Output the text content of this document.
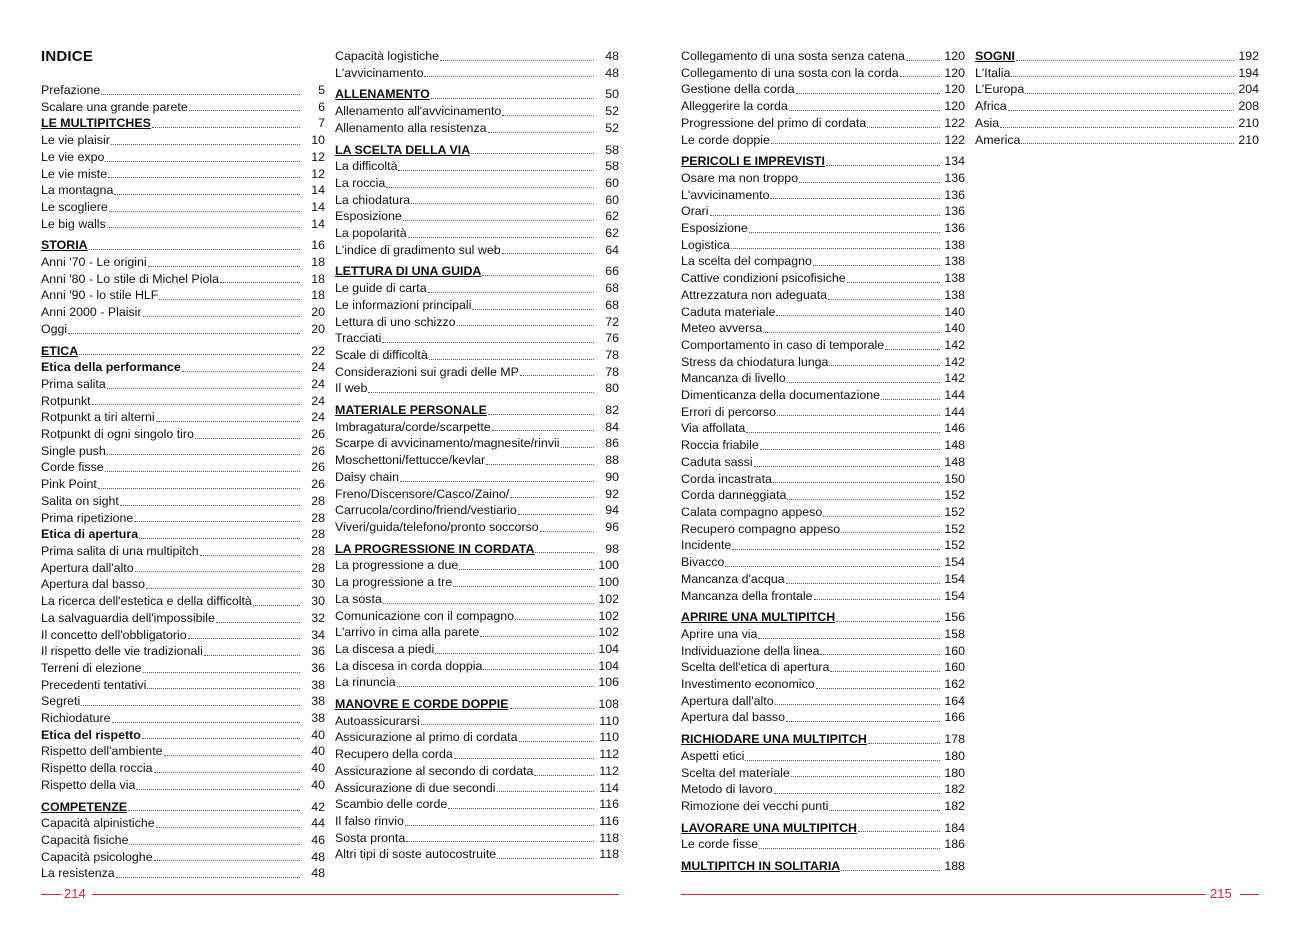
INDICE
Prefazione	5
Scalare una grande parete	6
LE MULTIPITCHES	7
Le vie plaisir	10
Le vie expo	12
Le vie miste	12
La montagna	14
Le scogliere	14
Le big walls	14
STORIA	16
Anni '70 - Le origini	18
Anni '80 - Lo stile di Michel Piola	18
Anni '90 - lo stile HLF	18
Anni 2000 - Plaisir	20
Oggi	20
ETICA	22
Etica della performance	24
Prima salita	24
Rotpunkt	24
Rotpunkt a tiri alterni	24
Rotpunkt di ogni singolo tiro	26
Single push	26
Corde fisse	26
Pink Point	26
Salita on sight	28
Prima ripetizione	28
Etica di apertura	28
Prima salita di una multipitch	28
Apertura dall'alto	28
Apertura dal basso	30
La ricerca dell'estetica e della difficoltà	30
La salvaguardia dell'impossibile	32
Il concetto dell'obbligatorio	34
Il rispetto delle vie tradizionali	36
Terreni di elezione	36
Precedenti tentativi	38
Segreti	38
Richiodature	38
Etica del rispetto	40
Rispetto dell'ambiente	40
Rispetto della roccia	40
Rispetto della via	40
COMPETENZE	42
Capacità alpinistiche	44
Capacità fisiche	46
Capacità psicologhe	48
La resistenza	48
Capacità logistiche	48
L'avvicinamento	48
ALLENAMENTO	50
Allenamento all'avvicinamento	52
Allenamento alla resistenza	52
LA SCELTA DELLA VIA	58
La difficoltà	58
La roccia	60
La chiodatura	60
Esposizione	62
La popolarità	62
L'indice di gradimento sul web	64
LETTURA DI UNA GUIDA	66
Le guide di carta	68
Le informazioni principali	68
Lettura di uno schizzo	72
Tracciati	76
Scale di difficoltà	78
Considerazioni sui gradi delle MP	78
Il web	80
MATERIALE PERSONALE	82
Imbragatura/corde/scarpette	84
Scarpe di avvicinamento/magnesite/rinvii	86
Moschettoni/fettucce/kevlar	88
Daisy chain	90
Freno/Discensore/Casco/Zaino/	92
Carrucola/cordino/friend/vestiario	94
Viveri/guida/telefono/pronto soccorso	96
LA PROGRESSIONE IN CORDATA	98
La progressione a due	100
La progressione a tre	100
La sosta	102
Comunicazione con il compagno	102
L'arrivo in cima alla parete	102
La discesa a piedi	104
La discesa in corda doppia	104
La rinuncia	106
MANOVRE E CORDE DOPPIE	108
Autoassicurarsi	110
Assicurazione al primo di cordata	110
Recupero della corda	112
Assicurazione al secondo di cordata	112
Assicurazione di due secondi	114
Scambio delle corde	116
Il falso rinvio	116
Sosta pronta	118
Altri tipi di soste autocostruite	118
Collegamento di una sosta senza catena	120
Collegamento di una sosta con la corda	120
Gestione della corda	120
Alleggerire la corda	120
Progressione del primo di cordata	122
Le corde doppie	122
PERICOLI E IMPREVISTI	134
Osare ma non troppo	136
L'avvicinamento	136
Orari	136
Esposizione	136
Logistica	138
La scelta del compagno	138
Cattive condizioni psicofisiche	138
Attrezzatura non adeguata	138
Caduta materiale	140
Meteo avversa	140
Comportamento in caso di temporale	142
Stress da chiodatura lunga	142
Mancanza di livello	142
Dimenticanza della documentazione	144
Errori di percorso	144
Via affollata	146
Roccia friabile	148
Caduta sassi	148
Corda incastrata	150
Corda danneggiata	152
Calata compagno appeso	152
Recupero compagno appeso	152
Incidente	152
Bivacco	154
Mancanza d'acqua	154
Mancanza della frontale	154
APRIRE UNA MULTIPITCH	156
Aprire una via	158
Individuazione della linea	160
Scelta dell'etica di apertura	160
Investimento economico	162
Apertura dall'alto	164
Apertura dal basso	166
RICHIODARE UNA MULTIPITCH	178
Aspetti etici	180
Scelta del materiale	180
Metodo di lavoro	182
Rimozione dei vecchi punti	182
LAVORARE UNA MULTIPITCH	184
Le corde fisse	186
MULTIPITCH IN SOLITARIA	188
SOGNI	192
L'Italia	194
L'Europa	204
Africa	208
Asia	210
America	210
214	215
